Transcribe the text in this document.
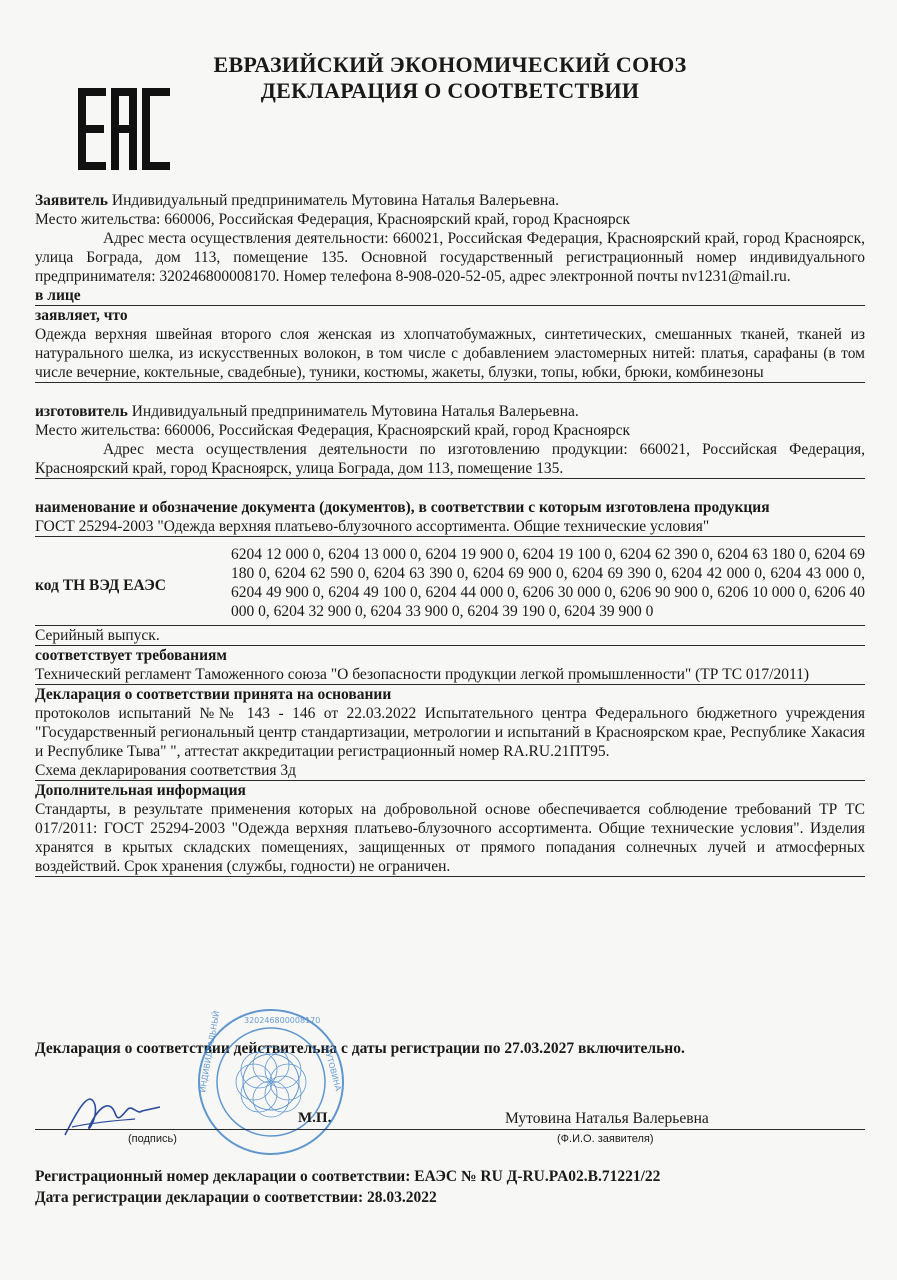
ЕВРАЗИЙСКИЙ ЭКОНОМИЧЕСКИЙ СОЮЗ
ДЕКЛАРАЦИЯ О СООТВЕТСТВИИ

Заявитель Индивидуальный предприниматель Мутовина Наталья Валерьевна.

Место жительства: 660006, Российская Федерация, Красноярский край, город Красноярск

Адрес места осуществления деятельности: 660021, Российская Федерация, Красноярский край, город Красноярск, улица Бограда, дом 113, помещение 135. Основной государственный регистрационный номер индивидуального предпринимателя: 320246800008170. Номер телефона 8-908-020-52-05, адрес электронной почты nv1231@mail.ru.

в лице

заявляет, что

Одежда верхняя швейная второго слоя женская из хлопчатобумажных, синтетических, смешанных тканей, тканей из натурального шелка, из искусственных волокон, в том числе с добавлением эластомерных нитей: платья, сарафаны (в том числе вечерние, коктельные, свадебные), туники, костюмы, жакеты, блузки, топы, юбки, брюки, комбинезоны

изготовитель Индивидуальный предприниматель Мутовина Наталья Валерьевна.

Место жительства: 660006, Российская Федерация, Красноярский край, город Красноярск

Адрес места осуществления деятельности по изготовлению продукции: 660021, Российская Федерация, Красноярский край, город Красноярск, улица Бограда, дом 113, помещение 135.

наименование и обозначение документа (документов), в соответствии с которым изготовлена продукция

ГОСТ 25294-2003 "Одежда верхняя платьево-блузочного ассортимента. Общие технические условия"

код ТН ВЭД ЕАЭС
6204 12 000 0, 6204 13 000 0, 6204 19 900 0, 6204 19 100 0, 6204 62 390 0, 6204 63 180 0, 6204 69 180 0, 6204 62 590 0, 6204 63 390 0, 6204 69 900 0, 6204 69 390 0, 6204 42 000 0, 6204 43 000 0, 6204 49 900 0, 6204 49 100 0, 6204 44 000 0, 6206 30 000 0, 6206 90 900 0, 6206 10 000 0, 6206 40 000 0, 6204 32 900 0, 6204 33 900 0, 6204 39 190 0, 6204 39 900 0

Серийный выпуск.

соответствует требованиям

Технический регламент Таможенного союза "О безопасности продукции легкой промышленности" (ТР ТС 017/2011)

Декларация о соответствии принята на основании

протоколов испытаний №№ 143 - 146 от 22.03.2022 Испытательного центра Федерального бюджетного учреждения "Государственный региональный центр стандартизации, метрологии и испытаний в Красноярском крае, Республике Хакасия и Республике Тыва" ", аттестат аккредитации регистрационный номер RA.RU.21ПТ95.

Схема декларирования соответствия 3д

Дополнительная информация

Стандарты, в результате применения которых на добровольной основе обеспечивается соблюдение требований ТР ТС 017/2011: ГОСТ 25294-2003 "Одежда верхняя платьево-блузочного ассортимента. Общие технические условия". Изделия хранятся в крытых складских помещениях, защищенных от прямого попадания солнечных лучей и атмосферных воздействий. Срок хранения (службы, годности) не ограничен.

Декларация о соответствии действительна с даты регистрации по 27.03.2027 включительно.
320246800008170
ИНДИВИДУАЛЬНЫЙ	МУТОВИНА
(подпись)
М.П.	Мутовина Наталья Валерьевна
(Ф.И.О. заявителя)
Регистрационный номер декларации о соответствии: ЕАЭС № RU Д-RU.PA02.B.71221/22
Дата регистрации декларации о соответствии: 28.03.2022
